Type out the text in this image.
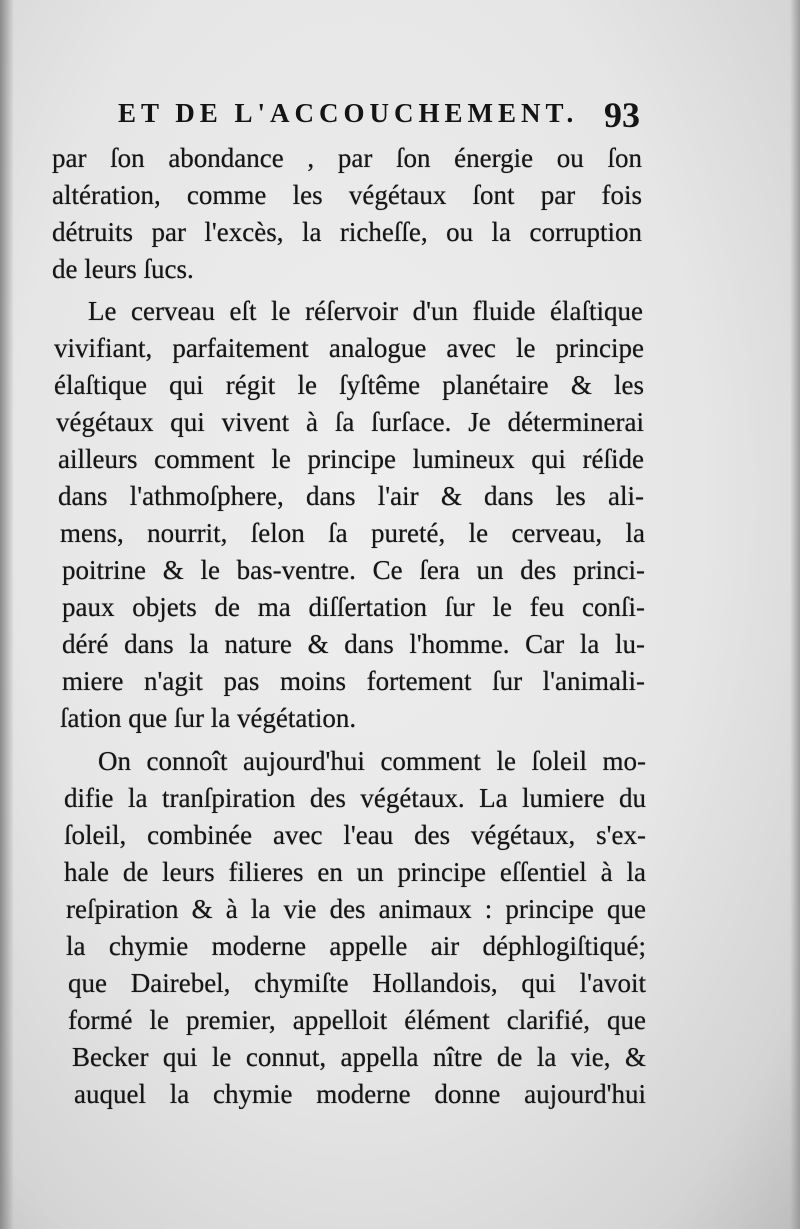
ET DE L'ACCOUCHEMENT. 93
par ſon abondance , par ſon énergie ou ſon
altération, comme les végétaux ſont par fois
détruits par l'excès, la richeſſe, ou la corruption
de leurs ſucs.
Le cerveau eſt le réſervoir d'un fluide élaſtique
vivifiant, parfaitement analogue avec le principe
élaſtique qui régit le ſyſtême planétaire & les
végétaux qui vivent à ſa ſurſace. Je déterminerai
ailleurs comment le principe lumineux qui réſide
dans l'athmoſphere, dans l'air & dans les ali-
mens, nourrit, ſelon ſa pureté, le cerveau, la
poitrine & le bas-ventre. Ce ſera un des princi-
paux objets de ma diſſertation ſur le feu conſi-
déré dans la nature & dans l'homme. Car la lu-
miere n'agit pas moins fortement ſur l'animali-
ſation que ſur la végétation.
On connoît aujourd'hui comment le ſoleil mo-
difie la tranſpiration des végétaux. La lumiere du
ſoleil, combinée avec l'eau des végétaux, s'ex-
hale de leurs filieres en un principe eſſentiel à la
reſpiration & à la vie des animaux : principe que
la chymie moderne appelle air déphlogiſtiqué;
que Dairebel, chymiſte Hollandois, qui l'avoit
formé le premier, appelloit élément clarifié, que
Becker qui le connut, appella nître de la vie, &
auquel la chymie moderne donne aujourd'hui
